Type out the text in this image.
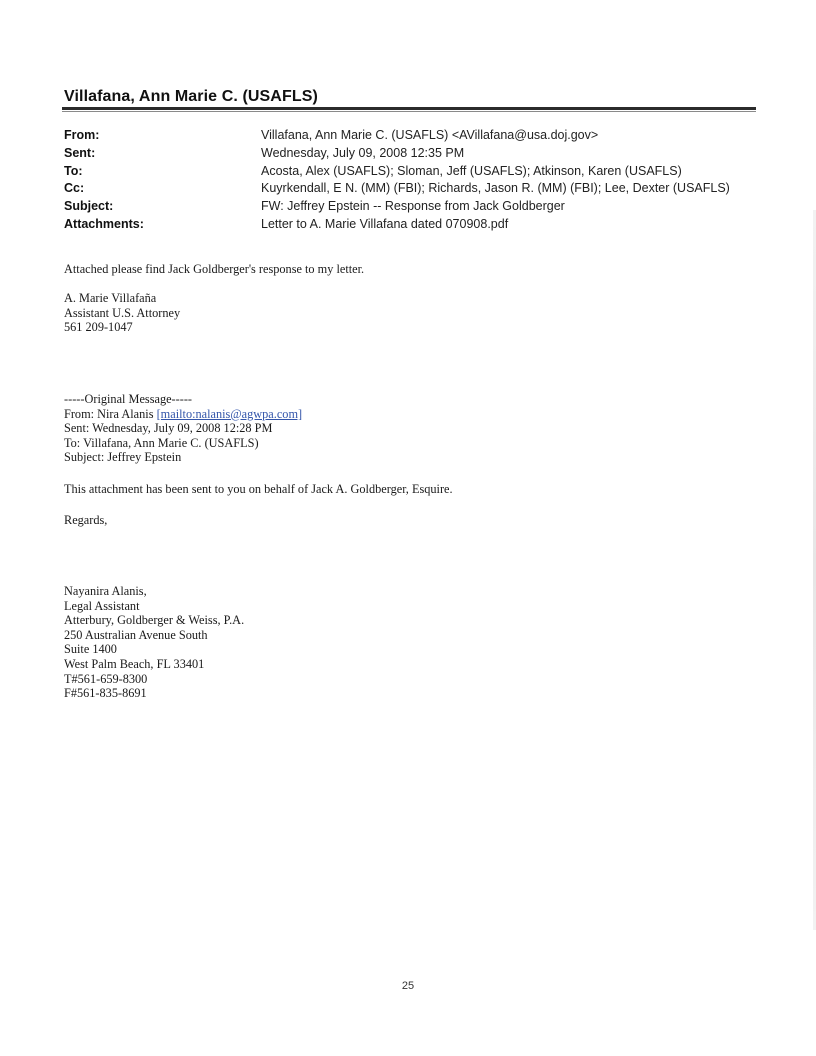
Villafana, Ann Marie C. (USAFLS)
From:	Villafana, Ann Marie C. (USAFLS) <AVillafana@usa.doj.gov>
Sent:	Wednesday, July 09, 2008 12:35 PM
To:	Acosta, Alex (USAFLS); Sloman, Jeff (USAFLS); Atkinson, Karen (USAFLS)
Cc:	Kuyrkendall, E N. (MM) (FBI); Richards, Jason R. (MM) (FBI); Lee, Dexter (USAFLS)
Subject:	FW: Jeffrey Epstein -- Response from Jack Goldberger
Attachments:	Letter to A. Marie Villafana dated 070908.pdf
Attached please find Jack Goldberger's response to my letter.
A. Marie Villafaña
Assistant U.S. Attorney
561 209-1047
-----Original Message-----
From: Nira Alanis [mailto:nalanis@agwpa.com]
Sent: Wednesday, July 09, 2008 12:28 PM
To: Villafana, Ann Marie C. (USAFLS)
Subject: Jeffrey Epstein
This attachment has been sent to you on behalf of Jack A. Goldberger, Esquire.
Regards,
Nayanira Alanis,
Legal Assistant
Atterbury, Goldberger & Weiss, P.A.
250 Australian Avenue South
Suite 1400
West Palm Beach, FL 33401
T#561-659-8300
F#561-835-8691
25
